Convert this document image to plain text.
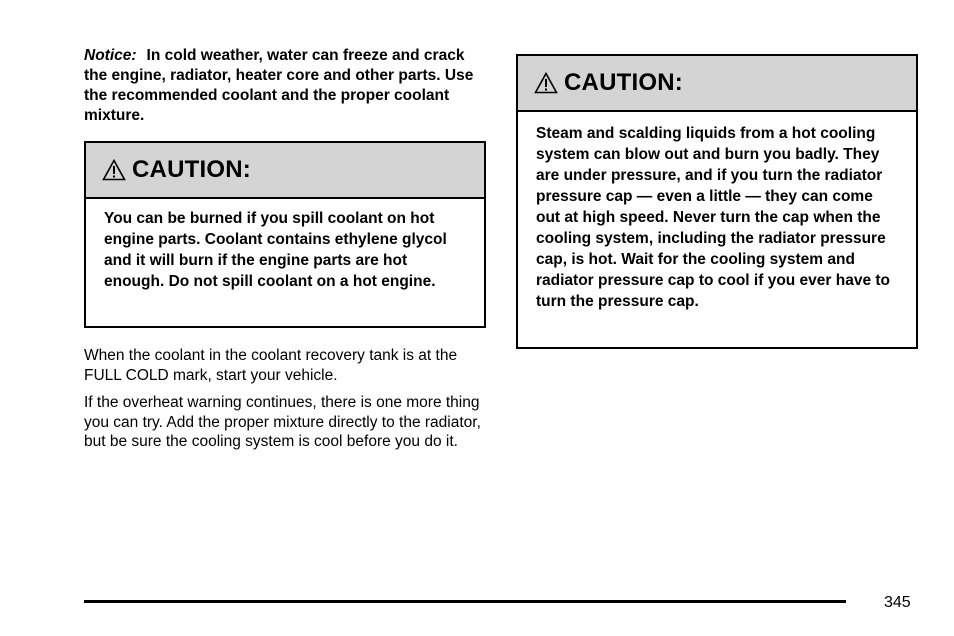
Notice: In cold weather, water can freeze and crack the engine, radiator, heater core and other parts. Use the recommended coolant and the proper coolant mixture.
CAUTION:
You can be burned if you spill coolant on hot engine parts. Coolant contains ethylene glycol and it will burn if the engine parts are hot enough. Do not spill coolant on a hot engine.
When the coolant in the coolant recovery tank is at the FULL COLD mark, start your vehicle.
If the overheat warning continues, there is one more thing you can try. Add the proper mixture directly to the radiator, but be sure the cooling system is cool before you do it.
CAUTION:
Steam and scalding liquids from a hot cooling system can blow out and burn you badly. They are under pressure, and if you turn the radiator pressure cap — even a little — they can come out at high speed. Never turn the cap when the cooling system, including the radiator pressure cap, is hot. Wait for the cooling system and radiator pressure cap to cool if you ever have to turn the pressure cap.
345
